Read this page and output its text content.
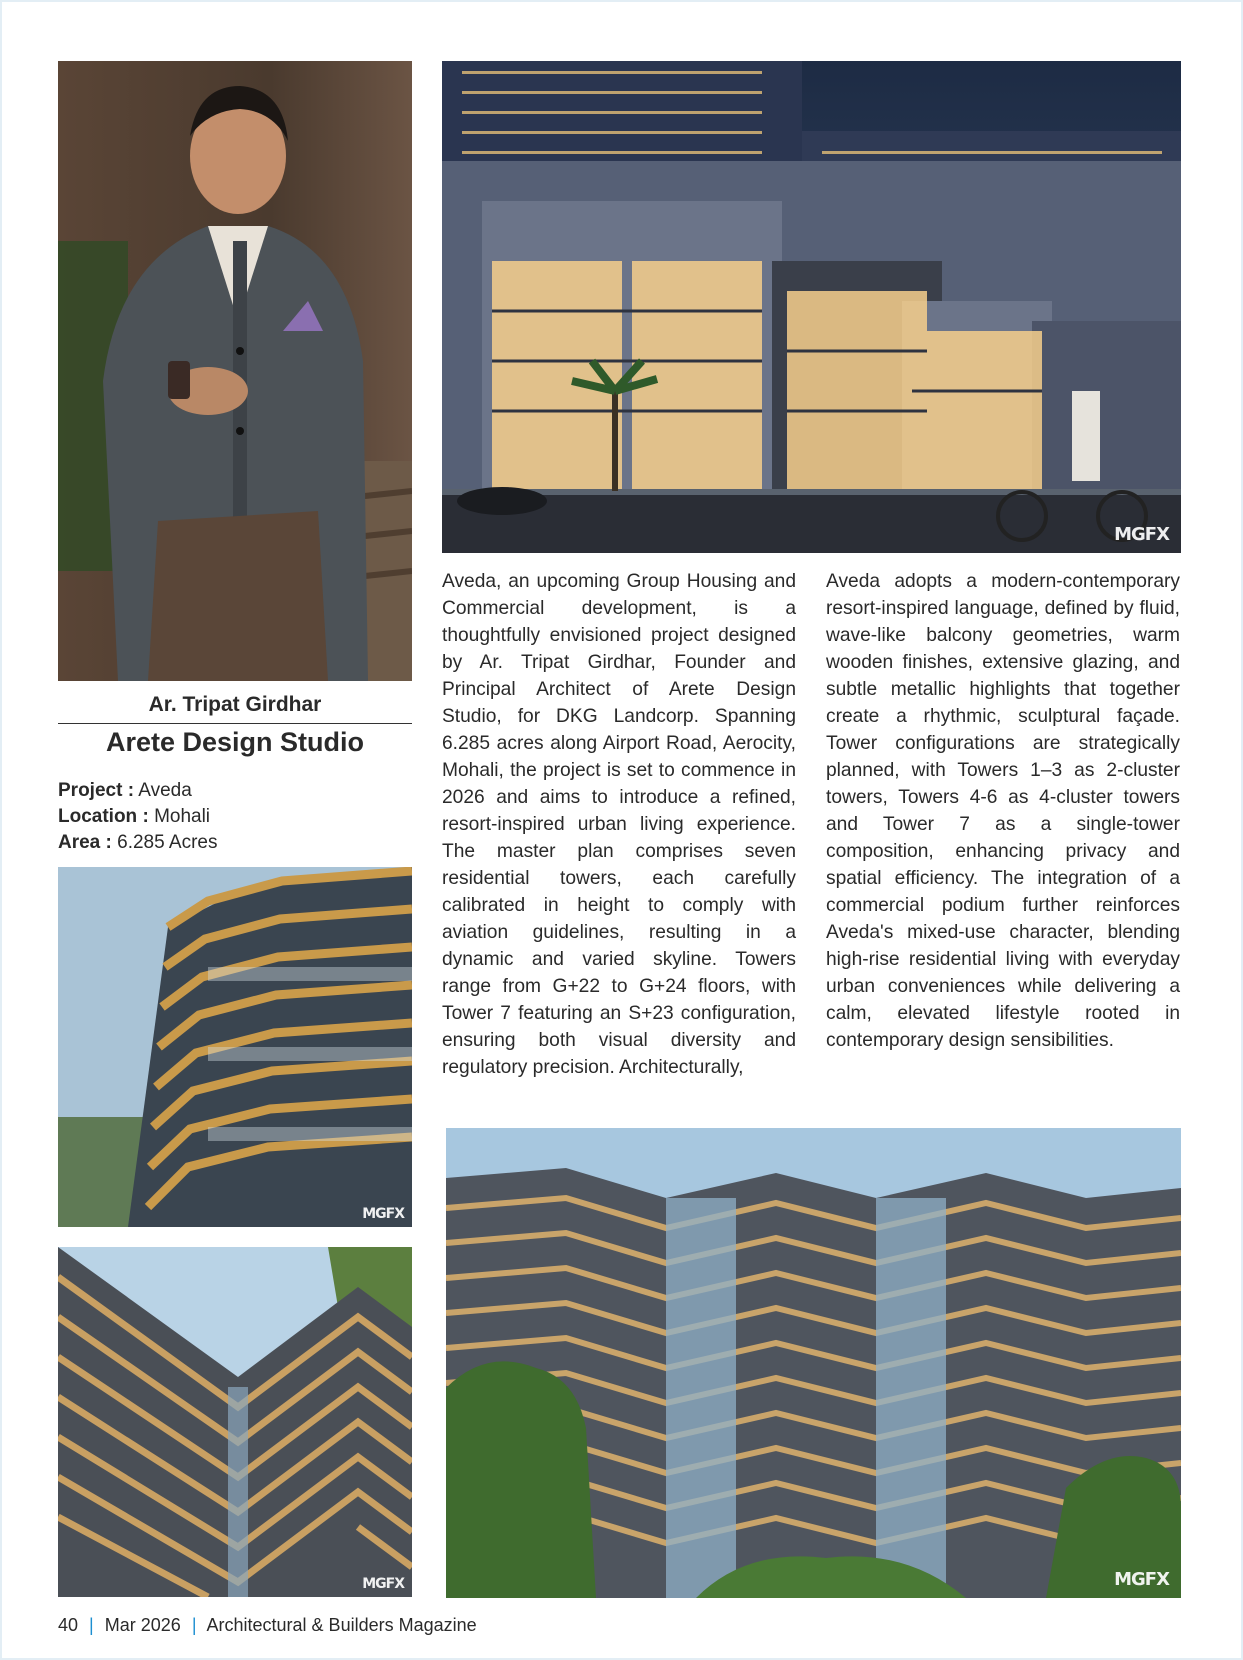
Ar. Tripat Girdhar
Arete Design Studio
Project : Aveda
Location : Mohali
Area : 6.285 Acres
MGFX

Aveda, an upcoming Group Housing and Commercial development, is a thoughtfully envisioned project designed by Ar. Tripat Girdhar, Founder and Principal Architect of Arete Design Studio, for DKG Landcorp. Spanning 6.285 acres along Airport Road, Aerocity, Mohali, the project is set to commence in 2026 and aims to introduce a refined, resort-inspired urban living experience. The master plan comprises seven residential towers, each carefully calibrated in height to comply with aviation guidelines, resulting in a dynamic and varied skyline. Towers range from G+22 to G+24 floors, with Tower 7 featuring an S+23 configuration, ensuring both visual diversity and regulatory precision. Architecturally,

Aveda adopts a modern-contemporary resort-inspired language, defined by fluid, wave-like balcony geometries, warm wooden finishes, extensive glazing, and subtle metallic highlights that together create a rhythmic, sculptural façade. Tower configurations are strategically planned, with Towers 1–3 as 2-cluster towers, Towers 4-6 as 4-cluster towers and Tower 7 as a single-tower composition, enhancing privacy and spatial efficiency. The integration of a commercial podium further reinforces Aveda's mixed-use character, blending high-rise residential living with everyday urban conveniences while delivering a calm, elevated lifestyle rooted in contemporary design sensibilities.

MGFX
MGFX	MGFX
40 | Mar 2026 | Architectural & Builders Magazine
